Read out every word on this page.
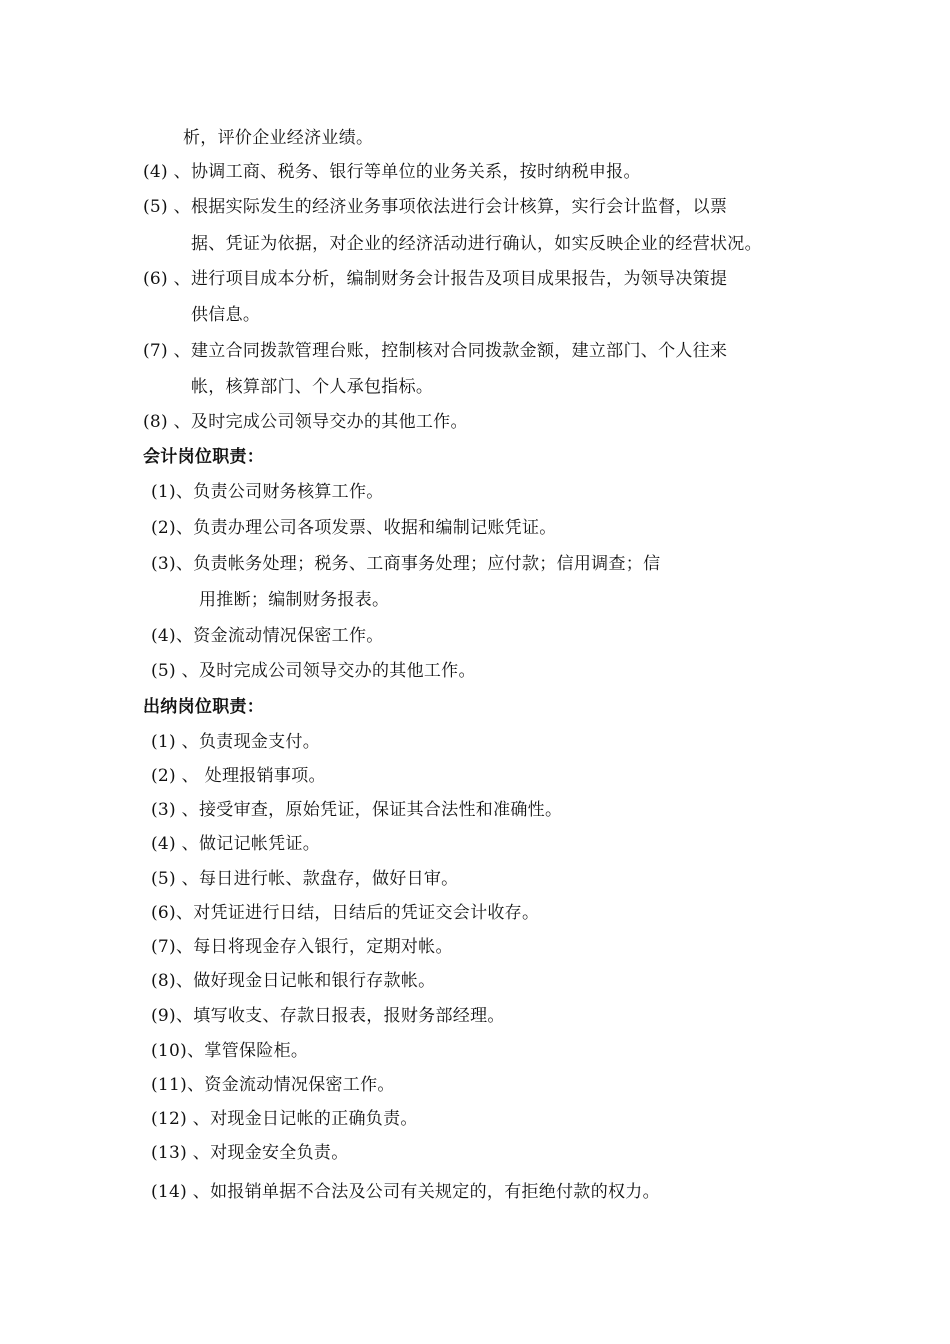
析，评价企业经济业绩。
(4) 、协调工商、税务、银行等单位的业务关系，按时纳税申报。
(5) 、根据实际发生的经济业务事项依法进行会计核算，实行会计监督，以票
据、凭证为依据，对企业的经济活动进行确认，如实反映企业的经营状况。
(6) 、进行项目成本分析，编制财务会计报告及项目成果报告，为领导决策提
供信息。
(7) 、建立合同拨款管理台账，控制核对合同拨款金额，建立部门、个人往来
帐，核算部门、个人承包指标。
(8) 、及时完成公司领导交办的其他工作。
会计岗位职责：
(1)、负责公司财务核算工作。
(2)、负责办理公司各项发票、收据和编制记账凭证。
(3)、负责帐务处理；税务、工商事务处理；应付款；信用调查；信
用推断；编制财务报表。
(4)、资金流动情况保密工作。
(5) 、及时完成公司领导交办的其他工作。
出纳岗位职责：
(1) 、负责现金支付。
(2) 、 处理报销事项。
(3) 、接受审查，原始凭证，保证其合法性和准确性。
(4) 、做记记帐凭证。
(5) 、每日进行帐、款盘存，做好日审。
(6)、对凭证进行日结，日结后的凭证交会计收存。
(7)、每日将现金存入银行，定期对帐。
(8)、做好现金日记帐和银行存款帐。
(9)、填写收支、存款日报表，报财务部经理。
(10)、掌管保险柜。
(11)、资金流动情况保密工作。
(12) 、对现金日记帐的正确负责。
(13) 、对现金安全负责。
(14) 、如报销单据不合法及公司有关规定的，有拒绝付款的权力。
